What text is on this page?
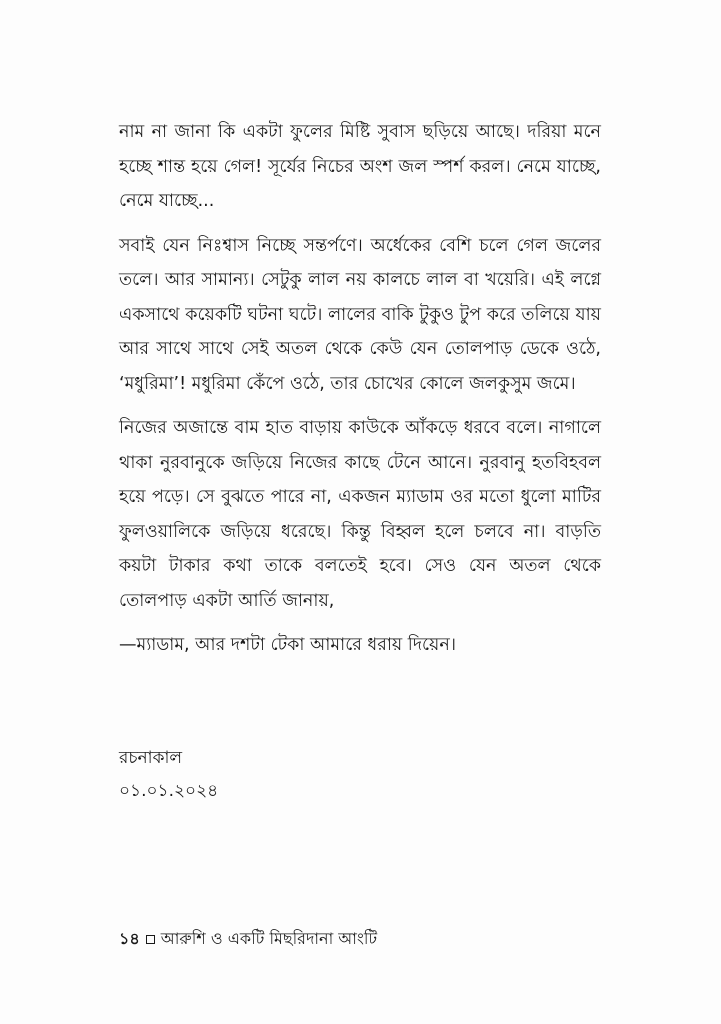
নাম না জানা কি একটা ফুলের মিষ্টি সুবাস ছড়িয়ে আছে। দরিয়া মনে হচ্ছে শান্ত হয়ে গেল! সূর্যের নিচের অংশ জল স্পর্শ করল। নেমে যাচ্ছে, নেমে যাচ্ছে...

সবাই যেন নিঃশ্বাস নিচ্ছে সন্তর্পণে। অর্ধেকের বেশি চলে গেল জলের তলে। আর সামান্য। সেটুকু লাল নয় কালচে লাল বা খয়েরি। এই লগ্নে একসাথে কয়েকটি ঘটনা ঘটে। লালের বাকি টুকুও টুপ করে তলিয়ে যায় আর সাথে সাথে সেই অতল থেকে কেউ যেন তোলপাড় ডেকে ওঠে, ‘মধুরিমা’! মধুরিমা কেঁপে ওঠে, তার চোখের কোলে জলকুসুম জমে।

নিজের অজান্তে বাম হাত বাড়ায় কাউকে আঁকড়ে ধরবে বলে। নাগালে থাকা নুরবানুকে জড়িয়ে নিজের কাছে টেনে আনে। নুরবানু হতবিহবল হয়ে পড়ে। সে বুঝতে পারে না, একজন ম্যাডাম ওর মতো ধুলো মাটির ফুলওয়ালিকে জড়িয়ে ধরেছে। কিন্তু বিহ্বল হলে চলবে না। বাড়তি কয়টা টাকার কথা তাকে বলতেই হবে। সেও যেন অতল থেকে তোলপাড় একটা আর্তি জানায়,

—ম্যাডাম, আর দশটা টেকা আমারে ধরায় দিয়েন।

রচনাকাল

০১.০১.২০২৪

১৪ আরুশি ও একটি মিছরিদানা আংটি
